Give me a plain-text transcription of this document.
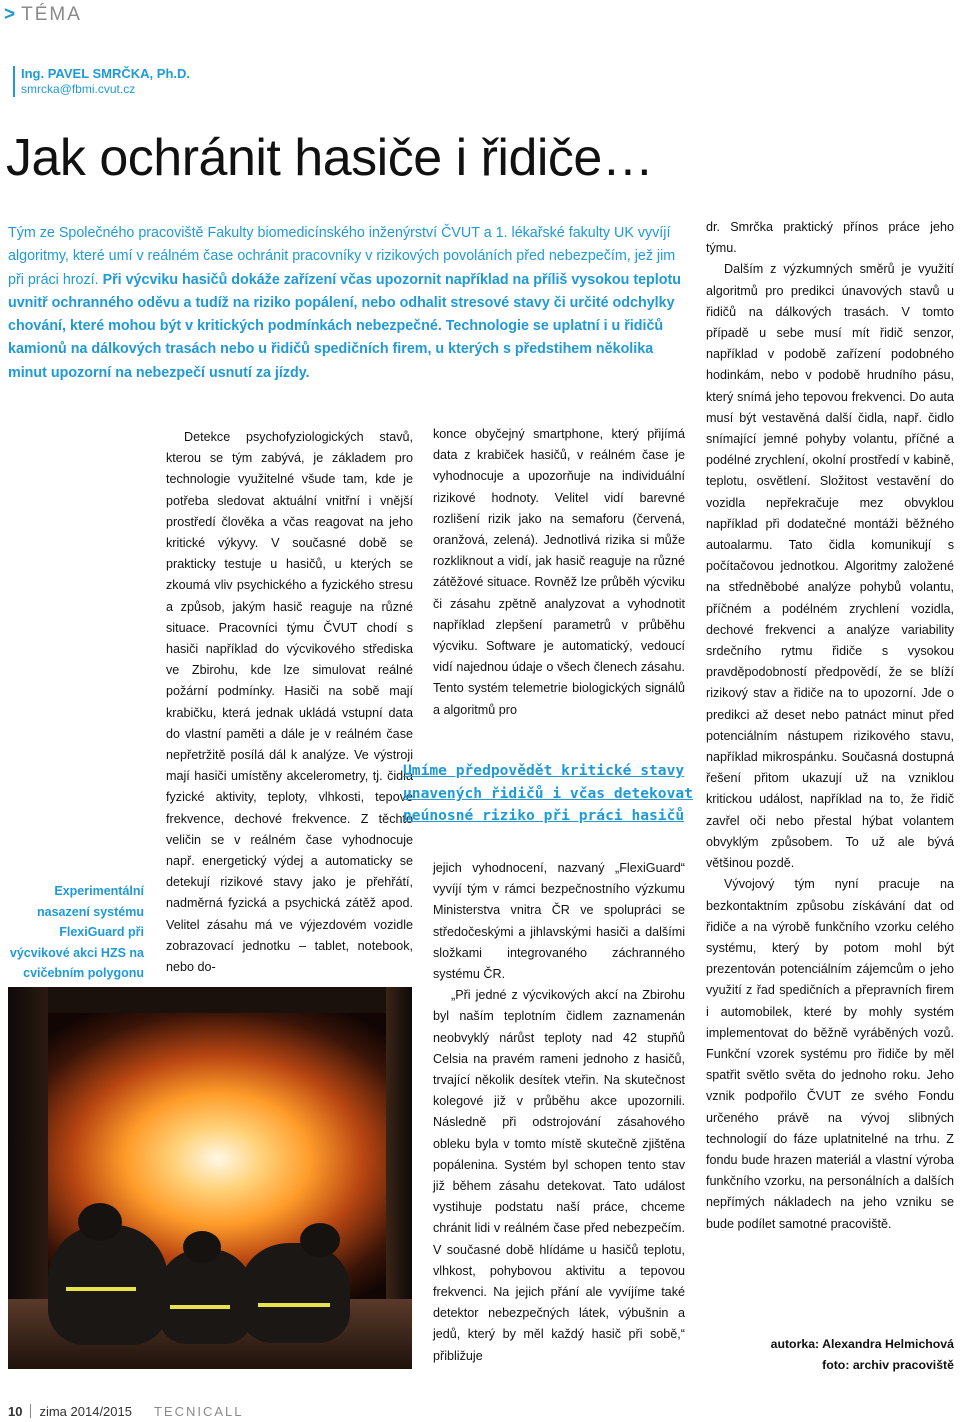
> TÉMA
Ing. PAVEL SMRČKA, Ph.D.
smrcka@fbmi.cvut.cz
Jak ochránit hasiče i řidiče…

Tým ze Společného pracoviště Fakulty biomedicínského inženýrství ČVUT a 1. lékařské fakulty UK vyvíjí algoritmy, které umí v reálném čase ochránit pracovníky v rizikových povoláních před nebezpečím, jež jim při práci hrozí. Při výcviku hasičů dokáže zařízení včas upozornit například na příliš vysokou teplotu uvnitř ochranného oděvu a tudíž na riziko popálení, nebo odhalit stresové stavy či určité odchylky chování, které mohou být v kritických podmínkách nebezpečné. Technologie se uplatní i u řidičů kamionů na dálkových trasách nebo u řidičů spedičních firem, u kterých s předstihem několika minut upozorní na nebezpečí usnutí za jízdy.

Detekce psychofyziologických stavů, kterou se tým zabývá, je základem pro technologie využitelné všude tam, kde je potřeba sledovat aktuální vnitřní i vnější prostředí člověka a včas reagovat na jeho kritické výkyvy. V současné době se prakticky testuje u hasičů, u kterých se zkoumá vliv psychického a fyzického stresu a způsob, jakým hasič reaguje na různé situace. Pracovníci týmu ČVUT chodí s hasiči například do výcvikového střediska ve Zbirohu, kde lze simulovat reálné požární podmínky. Hasiči na sobě mají krabičku, která jednak ukládá vstupní data do vlastní paměti a dále je v reálném čase nepřetržitě posílá dál k analýze. Ve výstroji mají hasiči umístěny akcelerometry, tj. čidla fyzické aktivity, teploty, vlhkosti, tepové frekvence, dechové frekvence. Z těchto veličin se v reálném čase vyhodnocuje např. energetický výdej a automaticky se detekují rizikové stavy jako je přehřátí, nadměrná fyzická a psychická zátěž apod. Velitel zásahu má ve výjezdovém vozidle zobrazovací jednotku – tablet, notebook, nebo do-

konce obyčejný smartphone, který přijímá data z krabiček hasičů, v reálném čase je vyhodnocuje a upozorňuje na individuální rizikové hodnoty. Velitel vidí barevné rozlišení rizik jako na semaforu (červená, oranžová, zelená). Jednotlivá rizika si může rozkliknout a vidí, jak hasič reaguje na různé zátěžové situace. Rovněž lze průběh výcviku či zásahu zpětně analyzovat a vyhodnotit například zlepšení parametrů v průběhu výcviku. Software je automatický, vedoucí vidí najednou údaje o všech členech zásahu. Tento systém telemetrie biologických signálů a algoritmů pro

Umíme předpovědět kritické stavy unavených řidičů i včas detekovat neúnosné riziko při práci hasičů

jejich vyhodnocení, nazvaný „FlexiGuard“ vyvíjí tým v rámci bezpečnostního výzkumu Ministerstva vnitra ČR ve spolupráci se středočeskými a jihlavskými hasiči a dalšími složkami integrovaného záchranného systému ČR.

„Při jedné z výcvikových akcí na Zbirohu byl naším teplotním čidlem zaznamenán neobvyklý nárůst teploty nad 42 stupňů Celsia na pravém rameni jednoho z hasičů, trvající několik desítek vteřin. Na skutečnost kolegové již v průběhu akce upozornili. Následně při odstrojování zásahového obleku byla v tomto místě skutečně zjištěna popálenina. Systém byl schopen tento stav již během zásahu detekovat. Tato událost vystihuje podstatu naší práce, chceme chránit lidi v reálném čase před nebezpečím. V současné době hlídáme u hasičů teplotu, vlhkost, pohybovou aktivitu a tepovou frekvenci. Na jejich přání ale vyvíjíme také detektor nebezpečných látek, výbušnin a jedů, který by měl každý hasič při sobě,“ přibližuje

dr. Smrčka praktický přínos práce jeho týmu.

Dalším z výzkumných směrů je využití algoritmů pro predikci únavových stavů u řidičů na dálkových trasách. V tomto případě u sebe musí mít řidič senzor, například v podobě zařízení podobného hodinkám, nebo v podobě hrudního pásu, který snímá jeho tepovou frekvenci. Do auta musí být vestavěná další čidla, např. čidlo snímající jemné pohyby volantu, příčné a podélné zrychlení, okolní prostředí v kabině, teplotu, osvětlení. Složitost vestavění do vozidla nepřekračuje mez obvyklou například při dodatečné montáži běžného autoalarmu. Tato čidla komunikují s počítačovou jednotkou. Algoritmy založené na středněbobé analýze pohybů volantu, příčném a podélném zrychlení vozidla, dechové frekvenci a analýze variability srdečního rytmu řidiče s vysokou pravděpodobností předpovědí, že se blíží rizikový stav a řidiče na to upozorní. Jde o predikci až deset nebo patnáct minut před potenciálním nástupem rizikového stavu, například mikrospánku. Současná dostupná řešení přitom ukazují už na vzniklou kritickou událost, například na to, že řidič zavřel oči nebo přestal hýbat volantem obvyklým způsobem. To už ale bývá většinou pozdě.

Vývojový tým nyní pracuje na bezkontaktním způsobu získávání dat od řidiče a na výrobě funkčního vzorku celého systému, který by potom mohl být prezentován potenciálním zájemcům o jeho využití z řad spedičních a přepravních firem i automobilek, které by mohly systém implementovat do běžně vyráběných vozů. Funkční vzorek systému pro řidiče by měl spatřit světlo světa do jednoho roku. Jeho vznik podpořilo ČVUT ze svého Fondu určeného právě na vývoj slibných technologií do fáze uplatnitelné na trhu. Z fondu bude hrazen materiál a vlastní výroba funkčního vzorku, na personálních a dalších nepřímých nákladech na jeho vzniku se bude podílet samotné pracoviště.

Experimentální nasazení systému FlexiGuard při výcvikové akci HZS na cvičebním polygonu
autorka: Alexandra Helmichová
foto: archiv pracoviště
10 zima 2014/2015 TECNICALL
